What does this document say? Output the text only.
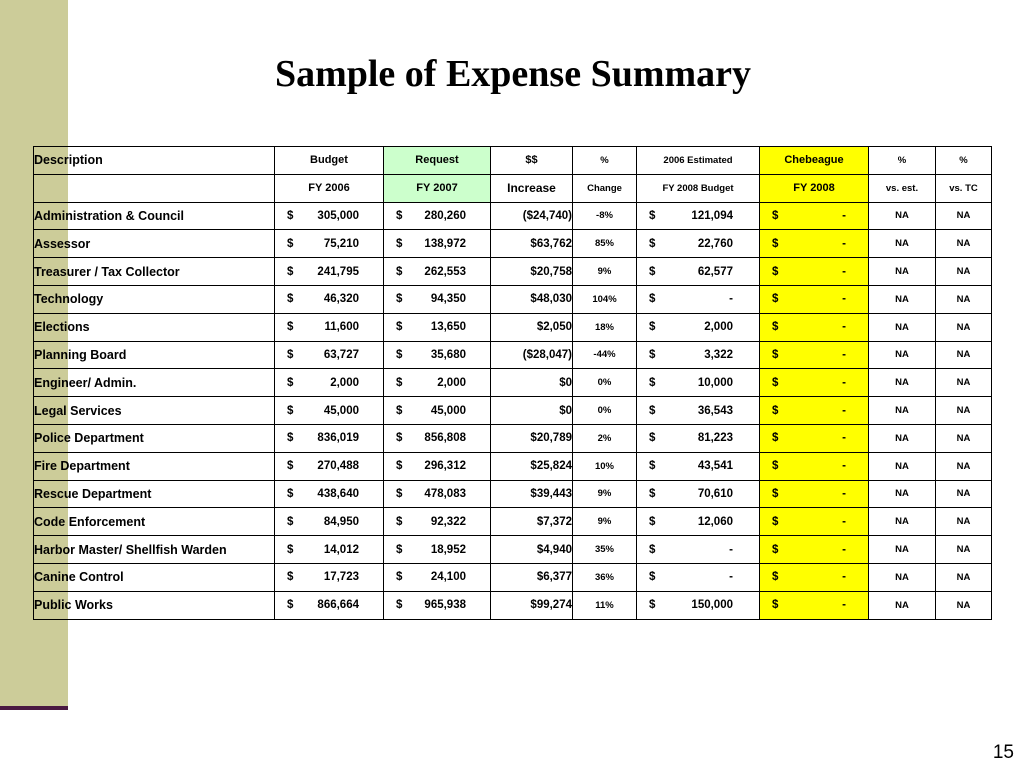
Sample of Expense Summary
Description	Budget	Request	$$	%	2006 Estimated	Chebeague	%	%
	FY 2006	FY 2007	Increase	Change	FY 2008 Budget	FY 2008	vs. est.	vs. TC
Administration & Council	$ 305,000	$ 280,260	($24,740)	-8%	$ 121,094	$ -	NA	NA
Assessor	$ 75,210	$ 138,972	$63,762	85%	$ 22,760	$ -	NA	NA
Treasurer / Tax Collector	$ 241,795	$ 262,553	$20,758	9%	$ 62,577	$ -	NA	NA
Technology	$ 46,320	$ 94,350	$48,030	104%	$ -	$ -	NA	NA
Elections	$ 11,600	$ 13,650	$2,050	18%	$ 2,000	$ -	NA	NA
Planning Board	$ 63,727	$ 35,680	($28,047)	-44%	$ 3,322	$ -	NA	NA
Engineer/ Admin.	$ 2,000	$ 2,000	$0	0%	$ 10,000	$ -	NA	NA
Legal Services	$ 45,000	$ 45,000	$0	0%	$ 36,543	$ -	NA	NA
Police Department	$ 836,019	$ 856,808	$20,789	2%	$ 81,223	$ -	NA	NA
Fire Department	$ 270,488	$ 296,312	$25,824	10%	$ 43,541	$ -	NA	NA
Rescue Department	$ 438,640	$ 478,083	$39,443	9%	$ 70,610	$ -	NA	NA
Code Enforcement	$ 84,950	$ 92,322	$7,372	9%	$ 12,060	$ -	NA	NA
Harbor Master/ Shellfish Warden	$ 14,012	$ 18,952	$4,940	35%	$ -	$ -	NA	NA
Canine Control	$ 17,723	$ 24,100	$6,377	36%	$ -	$ -	NA	NA
Public Works	$ 866,664	$ 965,938	$99,274	11%	$ 150,000	$ -	NA	NA
15
